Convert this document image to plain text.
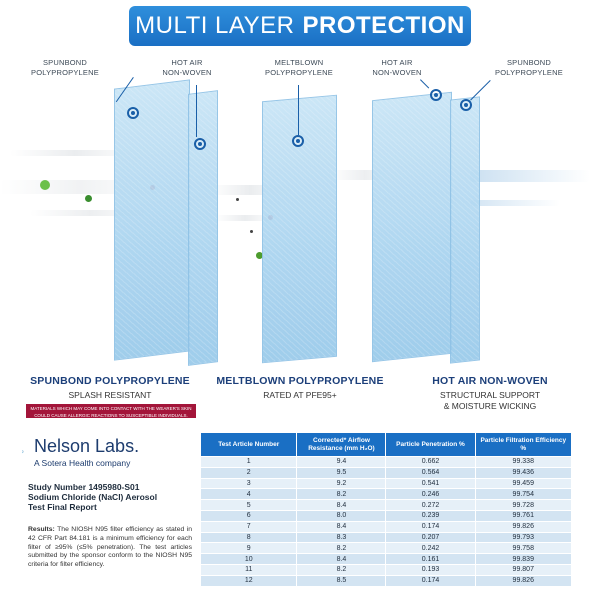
MULTI LAYER PROTECTION
SPUNBOND
POLYPROPYLENE
HOT AIR
NON-WOVEN
MELTBLOWN
POLYPROPYLENE
HOT AIR
NON-WOVEN
SPUNBOND
POLYPROPYLENE
SPUNBOND POLYPROPYLENE
SPLASH RESISTANT
MELTBLOWN POLYPROPYLENE
RATED AT PFE95+
HOT AIR NON-WOVEN
STRUCTURAL SUPPORT
& MOISTURE WICKING
MATERIALS WHICH MAY COME INTO CONTACT WITH THE WEARER'S SKIN
COULD CAUSE ALLERGIC REACTIONS TO SUSCEPTIBLE INDIVIDUALS.
Nelson Labs.
A Sotera Health company
Study Number 1495980-S01
Sodium Chloride (NaCl) Aerosol
Test Final Report
Results: The NIOSH N95 filter efficiency as stated in 42 CFR Part 84.181 is a minimum efficiency for each filter of ≥95% (≤5% penetration). The test articles submitted by the sponsor conform to the NIOSH N95 criteria for filter efficiency.
Test Article Number	Corrected* Airflow Resistance (mm H₂O)	Particle Penetration %	Particle Filtration Efficiency %
1	9.4	0.662	99.338
2	9.5	0.564	99.436
3	9.2	0.541	99.459
4	8.2	0.246	99.754
5	8.4	0.272	99.728
6	8.0	0.239	99.761
7	8.4	0.174	99.826
8	8.3	0.207	99.793
9	8.2	0.242	99.758
10	8.4	0.161	99.839
11	8.2	0.193	99.807
12	8.5	0.174	99.826
